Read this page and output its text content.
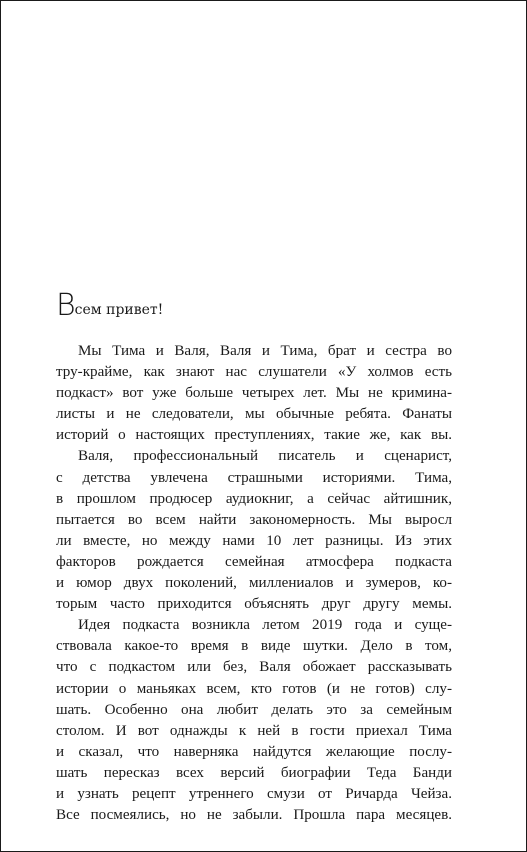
Всем привет!
Мы Тима и Валя, Валя и Тима, брат и сестра во
тру-крайме, как знают нас слушатели «У холмов есть
подкаст» вот уже больше четырех лет. Мы не кримина-
листы и не следователи, мы обычные ребята. Фанаты
историй о настоящих преступлениях, такие же, как вы.
Валя, профессиональный писатель и сценарист,
с детства увлечена страшными историями. Тима,
в прошлом продюсер аудиокниг, а сейчас айтишник,
пытается во всем найти закономерность. Мы выросл
ли вместе, но между нами 10 лет разницы. Из этих
факторов рождается семейная атмосфера подкаста
и юмор двух поколений, миллениалов и зумеров, ко-
торым часто приходится объяснять друг другу мемы.
Идея подкаста возникла летом 2019 года и суще-
ствовала какое-то время в виде шутки. Дело в том,
что с подкастом или без, Валя обожает рассказывать
истории о маньяках всем, кто готов (и не готов) слу-
шать. Особенно она любит делать это за семейным
столом. И вот однажды к ней в гости приехал Тима
и сказал, что наверняка найдутся желающие послу-
шать пересказ всех версий биографии Теда Банди
и узнать рецепт утреннего смузи от Ричарда Чейза.
Все посмеялись, но не забыли. Прошла пара месяцев.
